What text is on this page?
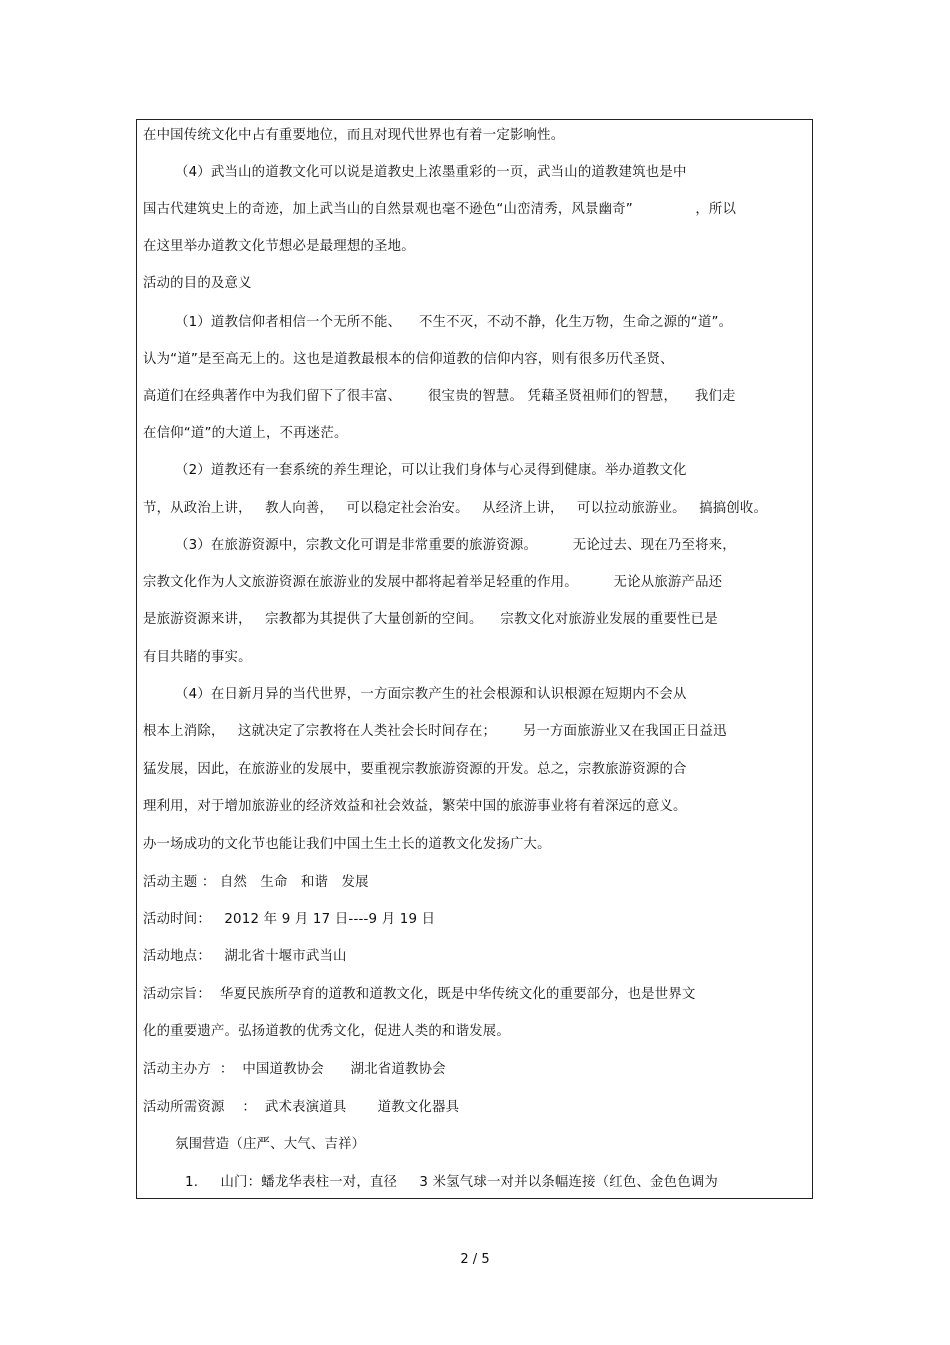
在中国传统文化中占有重要地位，而且对现代世界也有着一定影响性。
（4）武当山的道教文化可以说是道教史上浓墨重彩的一页，武当山的道教建筑也是中
国古代建筑史上的奇迹，加上武当山的自然景观也毫不逊色“山峦清秀，风景幽奇”              ，所以
在这里举办道教文化节想必是最理想的圣地。
活动的目的及意义
（1）道教信仰者相信一个无所不能、    不生不灭，不动不静，化生万物，生命之源的“道”。
认为“道”是至高无上的。这也是道教最根本的信仰道教的信仰内容，则有很多历代圣贤、
高道们在经典著作中为我们留下了很丰富、      很宝贵的智慧。 凭藉圣贤祖师们的智慧，    我们走
在信仰“道”的大道上，不再迷茫。
（2）道教还有一套系统的养生理论，可以让我们身体与心灵得到健康。举办道教文化
节，从政治上讲，   教人向善，   可以稳定社会治安。   从经济上讲，   可以拉动旅游业。   搞搞创收。
（3）在旅游资源中，宗教文化可谓是非常重要的旅游资源。        无论过去、现在乃至将来，
宗教文化作为人文旅游资源在旅游业的发展中都将起着举足轻重的作用。        无论从旅游产品还
是旅游资源来讲，   宗教都为其提供了大量创新的空间。    宗教文化对旅游业发展的重要性已是
有目共睹的事实。
（4）在日新月异的当代世界，一方面宗教产生的社会根源和认识根源在短期内不会从
根本上消除，   这就决定了宗教将在人类社会长时间存在；      另一方面旅游业又在我国正日益迅
猛发展，因此，在旅游业的发展中，要重视宗教旅游资源的开发。总之，宗教旅游资源的合
理利用，对于增加旅游业的经济效益和社会效益，繁荣中国的旅游事业将有着深远的意义。
办一场成功的文化节也能让我们中国土生土长的道教文化发扬广大。
活动主题 ： 自然   生命   和谐   发展
活动时间：   2012 年 9 月 17 日----9 月 19 日
活动地点：   湖北省十堰市武当山
活动宗旨：  华夏民族所孕育的道教和道教文化，既是中华传统文化的重要部分，也是世界文
化的重要遗产。弘扬道教的优秀文化，促进人类的和谐发展。
活动主办方  ：  中国道教协会      湖北省道教协会
活动所需资源    ：  武术表演道具       道教文化器具
氛围营造（庄严、大气、吉祥）
1.     山门：蟠龙华表柱一对，直径     3 米氢气球一对并以条幅连接（红色、金色色调为
2 / 5
